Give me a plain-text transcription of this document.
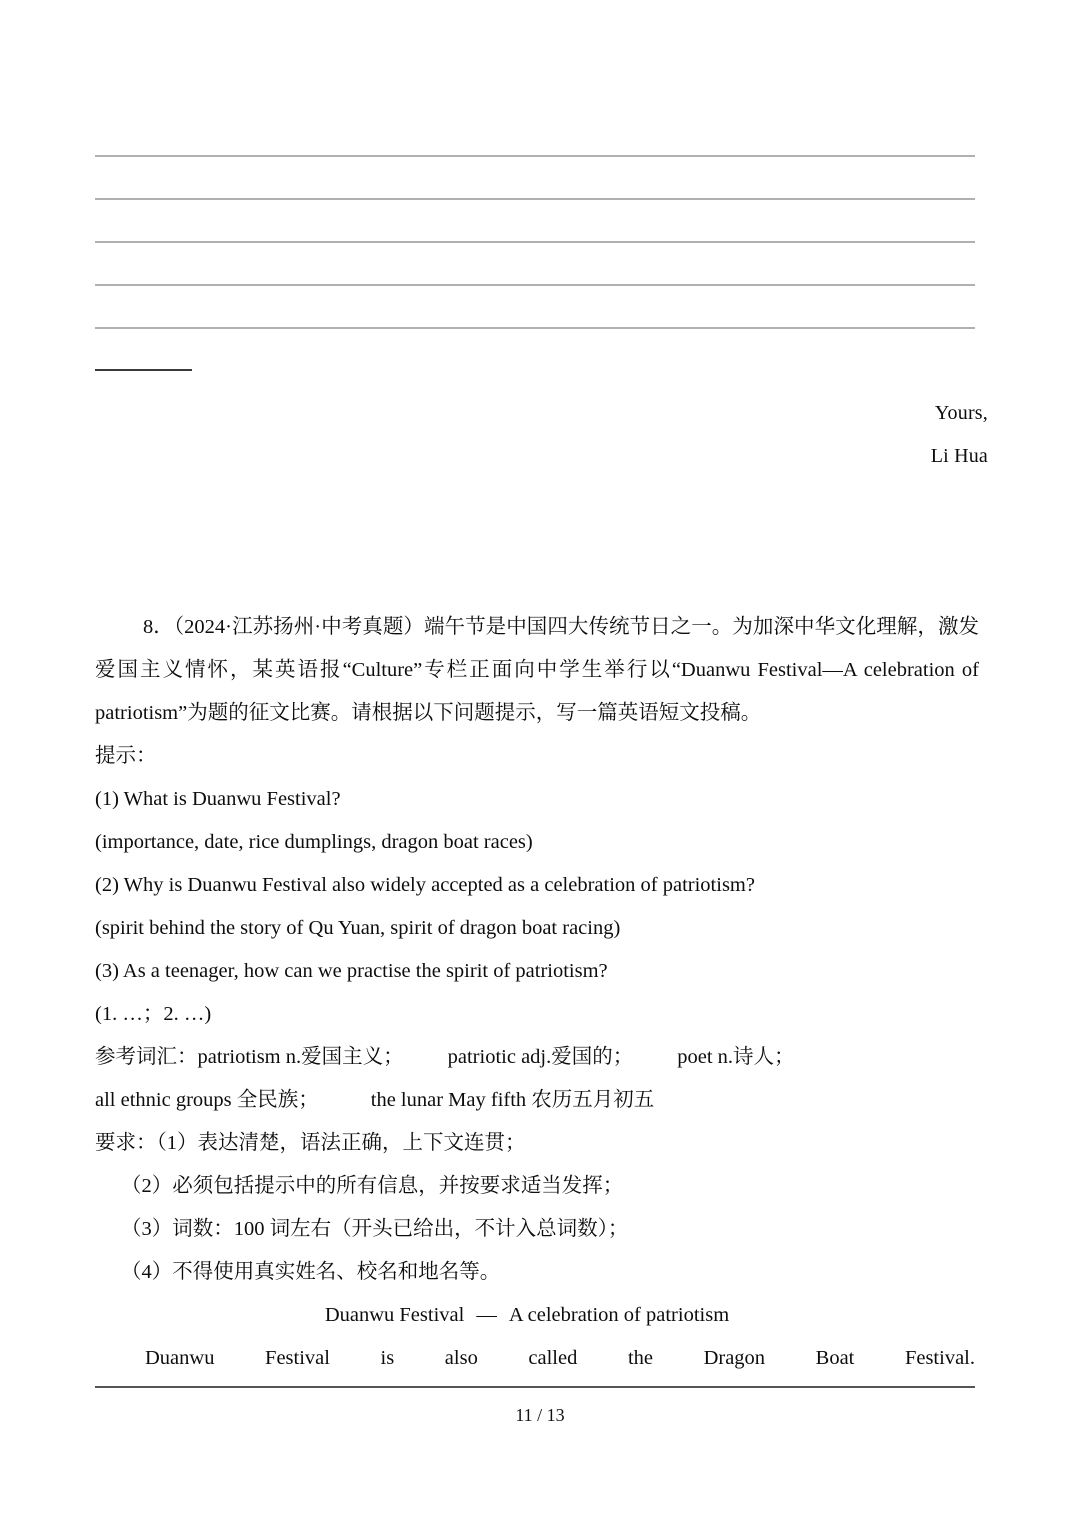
Yours,
Li Hua

8．（2024·江苏扬州·中考真题）端午节是中国四大传统节日之一。为加深中华文化理解，激发爱国主义情怀，某英语报“Culture”专栏正面向中学生举行以“Duanwu Festival—A celebration of patriotism”为题的征文比赛。请根据以下问题提示，写一篇英语短文投稿。

提示：

(1) What is Duanwu Festival?

(importance, date, rice dumplings, dragon boat races)

(2) Why is Duanwu Festival also widely accepted as a celebration of patriotism?

(spirit behind the story of Qu Yuan, spirit of dragon boat racing)

(3) As a teenager, how can we practise the spirit of patriotism?

(1. …；2. …)

参考词汇：patriotism n.爱国主义； patriotic adj.爱国的； poet n.诗人；

all ethnic groups 全民族；	the lunar May fifth 农历五月初五

要求：（1）表达清楚，语法正确，上下文连贯；

（2）必须包括提示中的所有信息，并按要求适当发挥；

（3）词数：100 词左右（开头已给出，不计入总词数）；

（4）不得使用真实姓名、校名和地名等。

Duanwu Festival — A celebration of patriotism

Duanwu Festival is also called the Dragon Boat Festival.

11 / 13
